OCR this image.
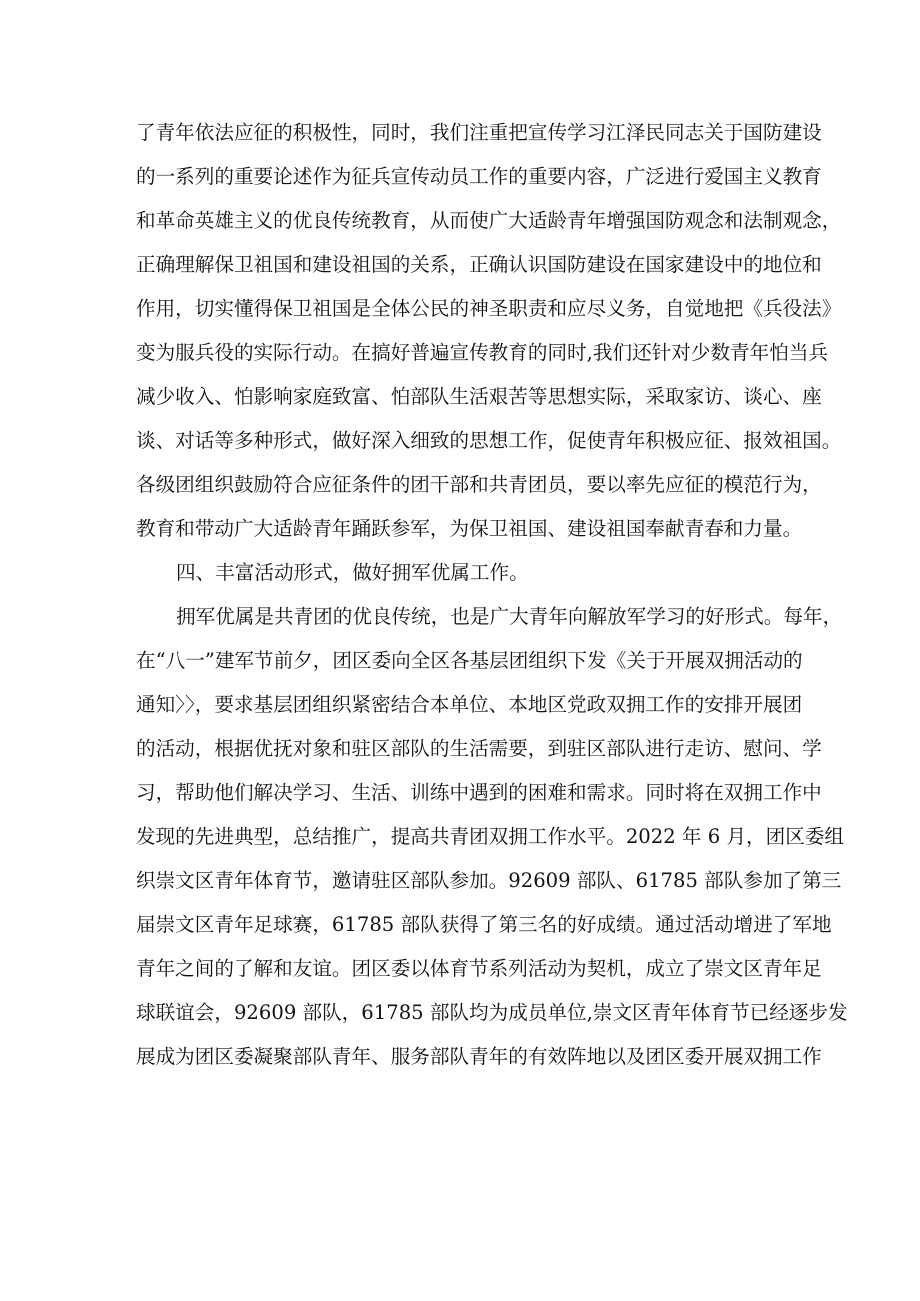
了青年依法应征的积极性，同时，我们注重把宣传学习江泽民同志关于国防建设
的一系列的重要论述作为征兵宣传动员工作的重要内容，广泛进行爱国主义教育
和革命英雄主义的优良传统教育，从而使广大适龄青年增强国防观念和法制观念，
正确理解保卫祖国和建设祖国的关系，正确认识国防建设在国家建设中的地位和
作用，切实懂得保卫祖国是全体公民的神圣职责和应尽义务，自觉地把《兵役法》
变为服兵役的实际行动。在搞好普遍宣传教育的同时,我们还针对少数青年怕当兵
减少收入、怕影响家庭致富、怕部队生活艰苦等思想实际，采取家访、谈心、座
谈、对话等多种形式，做好深入细致的思想工作，促使青年积极应征、报效祖国。
各级团组织鼓励符合应征条件的团干部和共青团员，要以率先应征的模范行为，
教育和带动广大适龄青年踊跃参军，为保卫祖国、建设祖国奉献青春和力量。
四、丰富活动形式，做好拥军优属工作。
拥军优属是共青团的优良传统，也是广大青年向解放军学习的好形式。每年，
在“八一”建军节前夕，团区委向全区各基层团组织下发《关于开展双拥活动的
通知〉〉，要求基层团组织紧密结合本单位、本地区党政双拥工作的安排开展团
的活动，根据优抚对象和驻区部队的生活需要，到驻区部队进行走访、慰问、学
习，帮助他们解决学习、生活、训练中遇到的困难和需求。同时将在双拥工作中
发现的先进典型，总结推广，提高共青团双拥工作水平。2022 年 6 月，团区委组
织崇文区青年体育节，邀请驻区部队参加。92609 部队、61785 部队参加了第三
届崇文区青年足球赛，61785 部队获得了第三名的好成绩。通过活动增进了军地
青年之间的了解和友谊。团区委以体育节系列活动为契机，成立了崇文区青年足
球联谊会，92609 部队，61785 部队均为成员单位,崇文区青年体育节已经逐步发
展成为团区委凝聚部队青年、服务部队青年的有效阵地以及团区委开展双拥工作
